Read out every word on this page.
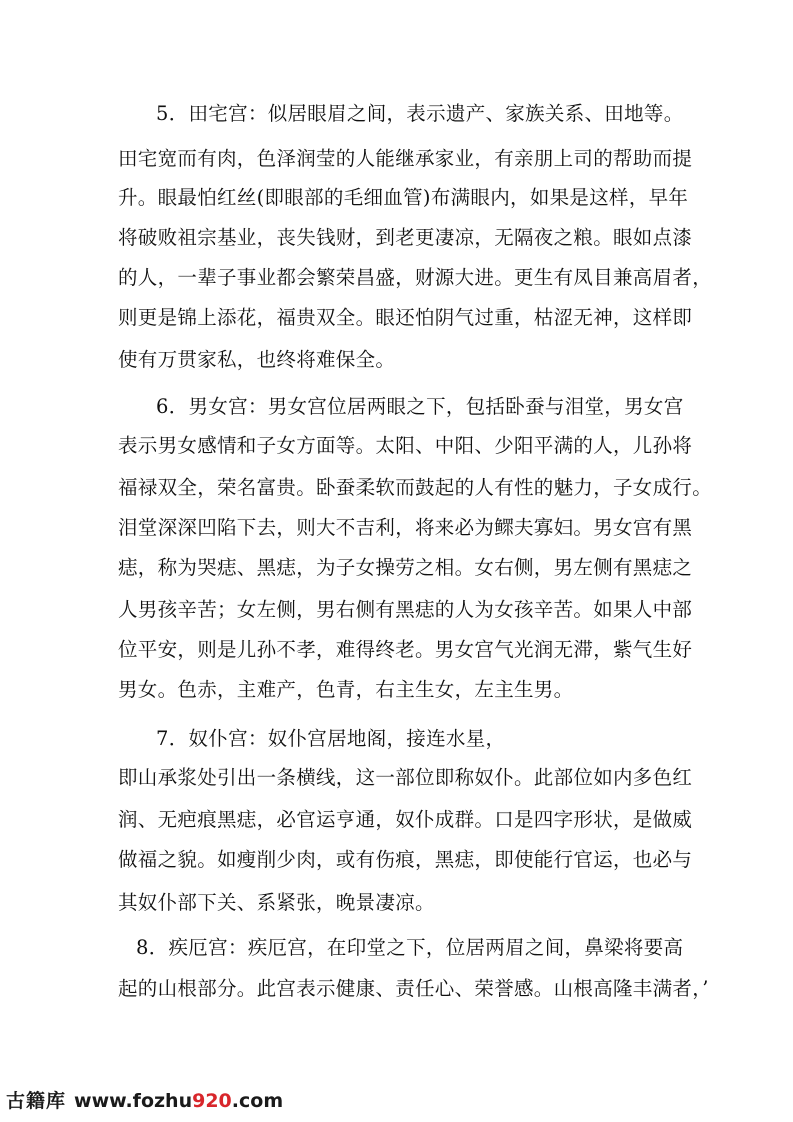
5．田宅宫：似居眼眉之间，表示遗产、家族关系、田地等。
田宅宽而有肉，色泽润莹的人能继承家业，有亲朋上司的帮助而提
升。眼最怕红丝(即眼部的毛细血管)布满眼内，如果是这样，早年
将破败祖宗基业，丧失钱财，到老更凄凉，无隔夜之粮。眼如点漆
的人，一辈子事业都会繁荣昌盛，财源大进。更生有凤目兼高眉者，
则更是锦上添花，福贵双全。眼还怕阴气过重，枯涩无神，这样即
使有万贯家私，也终将难保全。
6．男女宫：男女宫位居两眼之下，包括卧蚕与泪堂，男女宫
表示男女感情和子女方面等。太阳、中阳、少阳平满的人，儿孙将
福禄双全，荣名富贵。卧蚕柔软而鼓起的人有性的魅力，子女成行。
泪堂深深凹陷下去，则大不吉利，将来必为鳏夫寡妇。男女宫有黑
痣，称为哭痣、黑痣，为子女操劳之相。女右侧，男左侧有黑痣之
人男孩辛苦；女左侧，男右侧有黑痣的人为女孩辛苦。如果人中部
位平安，则是儿孙不孝，难得终老。男女宫气光润无滞，紫气生好
男女。色赤，主难产，色青，右主生女，左主生男。
7．奴仆宫：奴仆宫居地阁，接连水星，
即山承浆处引出一条横线，这一部位即称奴仆。此部位如内多色红
润、无疤痕黑痣，必官运亨通，奴仆成群。口是四字形状，是做威
做福之貌。如瘦削少肉，或有伤痕，黑痣，即使能行官运，也必与
其奴仆部下关、系紧张，晚景凄凉。
8．疾厄宫：疾厄宫，在印堂之下，位居两眉之间，鼻梁将要高
起的山根部分。此宫表示健康、责任心、荣誉感。山根高隆丰满者，’
古籍库 www.fozhu920.com
